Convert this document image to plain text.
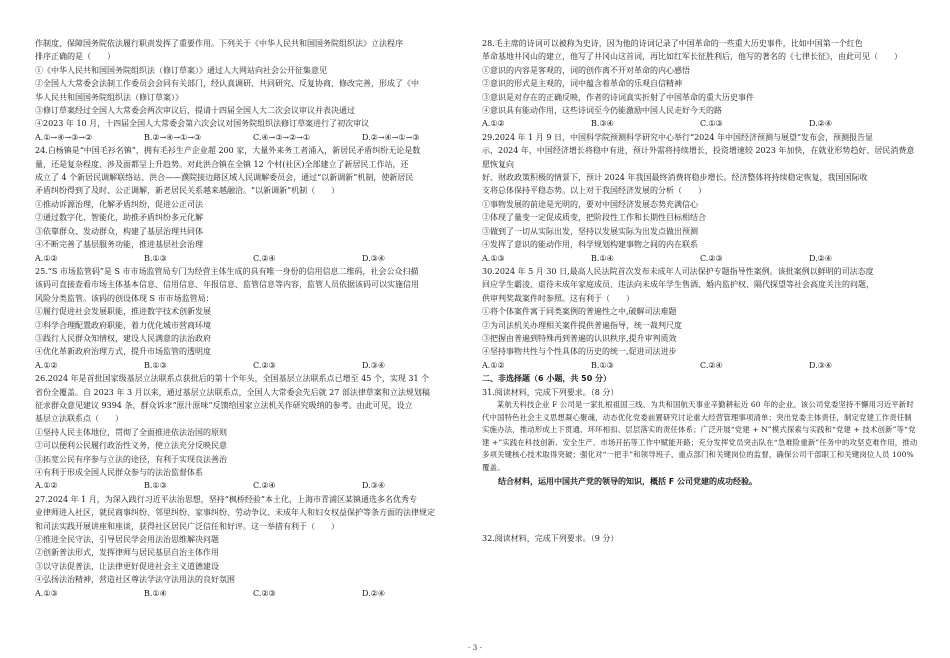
作制度、保障国务院依法履行职责发挥了重要作用。下列关于《中华人民共和国国务院组织法》立法程序

排序正确的是（　　）

①《中华人民共和国国务院组织法（修订草案）》通过人大网站向社会公开征集意见

②全国人大常委会法制工作委员会会同有关部门，经认真调研、共同研究、反复协商、修改完善，形成了《中

华人民共和国国务院组织法（修订草案）》

③修订草案经过全国人大常委会两次审议后，提请十四届全国人大二次会议审议并表决通过

④2023 年 10 月，十四届全国人大常委会第六次会议对国务院组织法修订草案进行了初次审议

A.①→④→③→②	B.②→④→①→③	C.④→③→②→①	D.②→④→①→③

24.白杨镇是“中国毛衫名镇”，拥有毛衫生产企业超 200 家，大量外来务工者涌入，新居民矛盾纠纷无论是数

量，还是复杂程度、涉及面都呈上升趋势。对此洪合镇在全镇 12 个村(社区)全部建立了新居民工作站，还

成立了 4 个新居民调解联络站、洪合——濮院接边路区域人民调解委员会，通过“以新调新”机制，使新居民

矛盾纠纷得到了及时、公正调解，新老居民关系越来越融洽。“以新调新”机制（　　）

①推动诉源治理，化解矛盾纠纷，促进公正司法

②通过数字化、智能化，助推矛盾纠纷多元化解

③依靠群众、发动群众，构建了基层治理共同体

④不断完善了基层服务功能，推进基层社会治理

A.①②	B.①③	C.②④	D.③④

25.“S 市场监管码”是 S 市市场监管局专门为经营主体生成的具有唯一身份的信用信息二维码，社会公众扫描

该码可直接查看市场主体基本信息、信用信息、年报信息、监管信息等内容，监管人员依据该码可以实施信用

风险分类监管。该码的创设体现 S 市市场监管局：

①履行促进社会发展职能，推进数字技术创新发展

②科学合理配置政府职能，着力优化城市营商环境

③践行人民群众知情权，建设人民满意的法治政府

④优化革新政府治理方式，提升市场监管的透明度

A.①②	B.①③	C.②③	D.③④

26.2024 年是首批国家级基层立法联系点获批后的第十个年头，全国基层立法联系点已增至 45 个，实现 31 个

省份全覆盖。自 2023 年 3 月以来，通过基层立法联系点，全国人大常委会先后就 27 部法律草案和立法规划稿

征求群众意见建议 9394 条，群众诉求“原汁原味”反馈给国家立法机关作研究吸纳的参考。由此可见，设立

基层立法联系点（　　）

①坚持人民主体地位，贯彻了全面推进依法治国的原则

②可以便利公民履行政治性义务，使立法充分反映民意

③拓宽公民有序参与立法的途径，有利于实现良法善治

④有利于形成全国人民群众参与的法治监督体系

A.①②	B.①③	C.②④	D.③④

27.2024 年 1 月，为深入践行习近平法治思想，坚持“枫桥经验”本土化，上海市青浦区某镇通选多名优秀专

业律师进入社区，就民商事纠纷、邻里纠纷、家事纠纷、劳动争议、未成年人和妇女权益保护等条方面的法律规定

和司法实践开展讲座和座谈，获得社区居民广泛信任和好评。这一举措有利于（　　）

①推进全民守法，引导居民学会用法治思维解决问题

②创新普法形式，发挥律师与居民基层自治主体作用

③以守法促普法，让法律更好促进社会主义道德建设

④弘扬法治精神，营造社区尊法学法守法用法的良好氛围

A.①③	B.①④	C.②③	D.②④

28.毛主席的诗词可以被称为史诗，因为他的诗词记录了中国革命的一些重大历史事件，比如中国第一个红色

革命基地井冈山的建立，他写了井冈山这首词，再比如红军长征胜利后，他写的著名的《七律长征》，由此可见（　　）

①意识的内容是客观的，词的创作离不开对革命的内心感悟

②意识的形式是主观的，词中蕴含着革命的乐观自信精神

③意识是对存在的正确反映，作者的诗词真实折射了中国革命的重大历史事件

④意识具有能动作用，这些诗词至今仍能激励中国人民走好今天的路

A.①②	B.③④	C.①③	D.②④

29.2024 年 1 月 9 日，中国科学院预测科学研究中心举行“2024 年中国经济预测与展望”发布会，预测报告显

示，2024 年，中国经济增长将稳中有进，预计外需将持续增长，投资增速较 2023 年加快，在就业形势趋好、居民消费意愿恢复向

好、财政政策积极的情景下，预计 2024 年我国最终消费将稳步增长。经济整体将持续稳定恢复，我国国际收

支将总体保持平稳态势。以上对于我国经济发展的分析（　　）

①事物发展的前途是光明的，要对中国经济发展态势充满信心

②体现了量变一定促成质变，把阶段性工作和长期性目标相结合

③做到了一切从实际出发，坚持以发展实际为出发点做出预测

④发挥了意识的能动作用，科学规划构建事物之间的内在联系

A.①③	B.①④	C.②③	D.②④

30.2024 年 5 月 30 日,最高人民法院首次发布未成年人司法保护专题指导性案例。该批案例以鲜明的司法态度

回应学生霸凌、虐待未成年家庭成员、违法向未成年学生售酒、婚内监护权、隔代探望等社会高度关注的问题，

供审判奖裁案件时参照。这有利于（　　）

①将个体案件寓于同类案例的普遍性之中,破解司法难题

②为司法机关办理相关案件提供普遍指导，统一裁判尺度

③把握由普遍到特殊再到普遍的认识秩序,提升审判质效

④坚持事物共性与个性具体的历史的统一,促进司法进步

A.①②	B.①③	C.②④	D.③④

二、非选择题（6 小题，共 50 分）

31.阅读材料，完成下列要求。（8 分）

某航天科技企业 F 公司是一家扎根祖国三线、为共和国航天事业辛勤耕耘近 60 年的企业。该公司党委坚持不懈用习近平新时代中国特色社会主义思想凝心聚魂，动态优化党委前置研究讨论重大经营管理事项清单；突出党委主体责任，制定党建工作责任制实施办法，推动形成上下贯通、环环相扣、层层落实的责任体系；广泛开展“党建 + N”模式探索与实践和“党建 + 技术创新”等“党建 +”实践在科技创新、安全生产、市场开拓等工作中赋能开路；充分发挥党员突击队在“急难险重新”任务中的攻坚克难作用，推动多项关键核心技术取得突破；强化对“一把手”和领导班子、重点部门和关键岗位的监督，确保公司干部职工和关键岗位人员 100%覆盖。

结合材料，运用中国共产党的领导的知识，概括 F 公司党建的成功经验。

32.阅读材料，完成下列要求。（9 分）

- 3 -
